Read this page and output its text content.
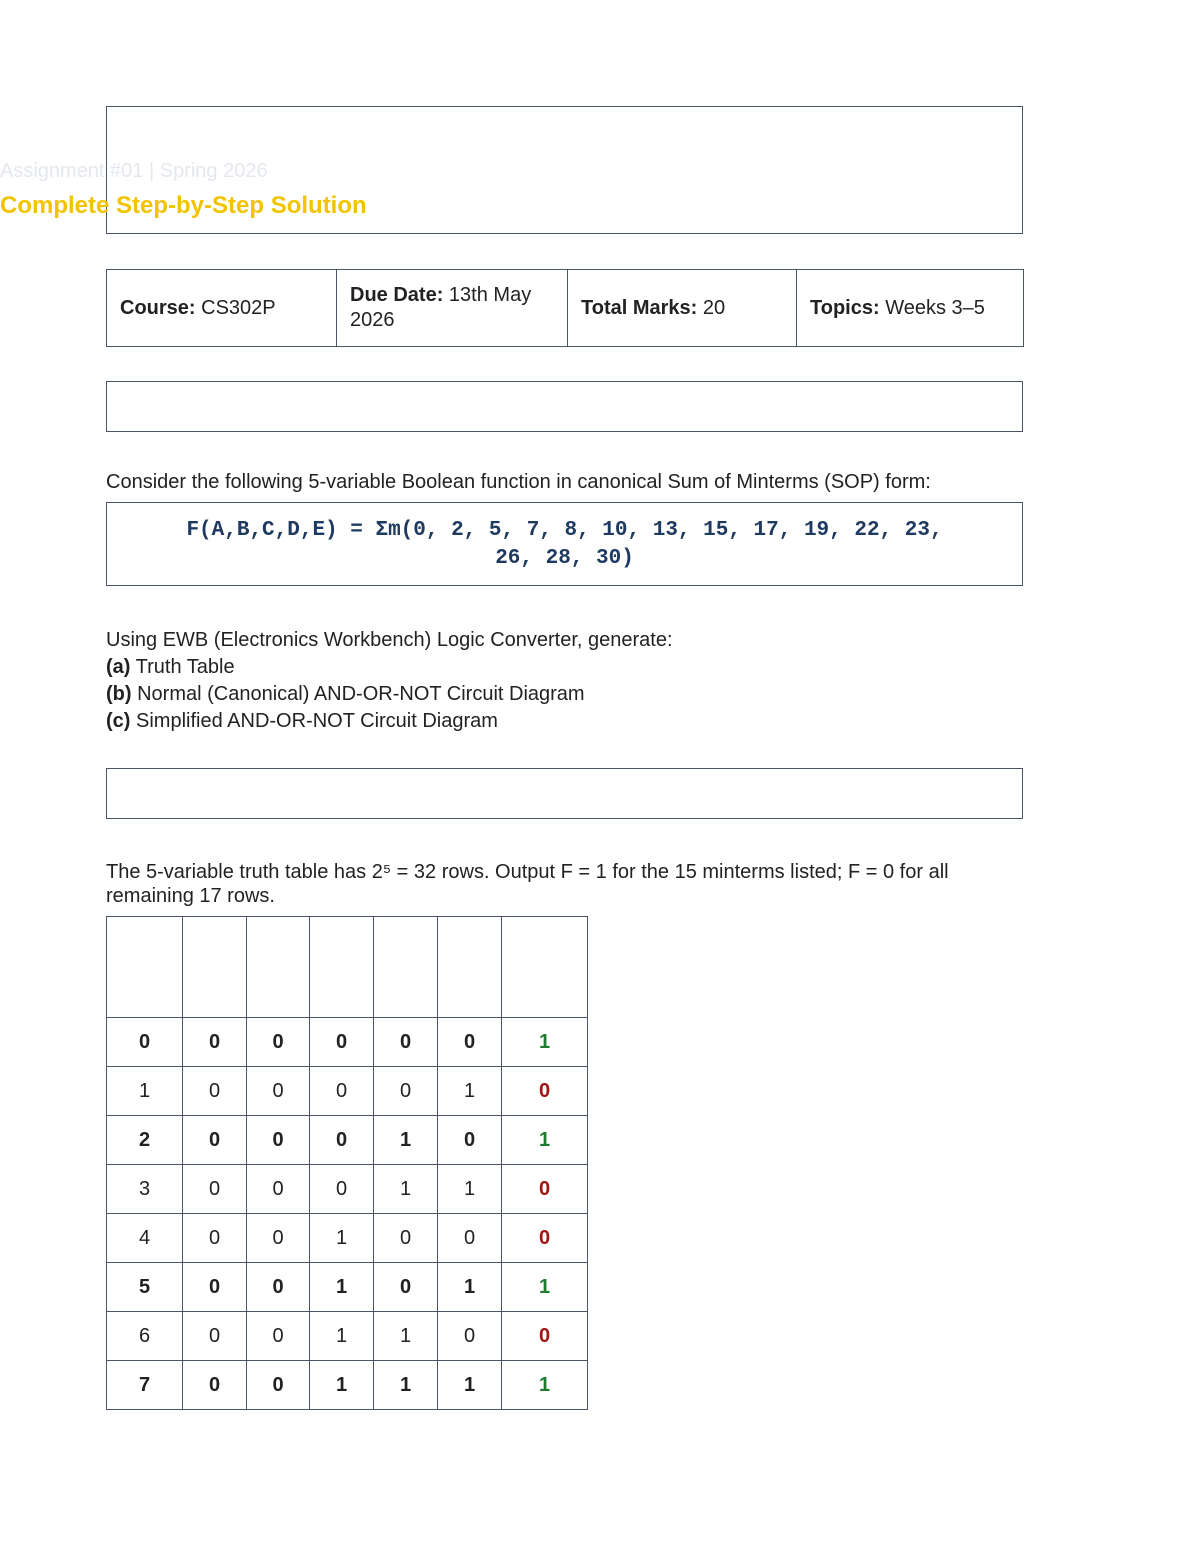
Assignment #01 | Spring 2026
Complete Step-by-Step Solution
Course: CS302P	Due Date: 13th May 2026	Total Marks: 20	Topics: Weeks 3–5
Consider the following 5-variable Boolean function in canonical Sum of Minterms (SOP) form:
F(A,B,C,D,E) = Σm(0, 2, 5, 7, 8, 10, 13, 15, 17, 19, 22, 23,
26, 28, 30)
Using EWB (Electronics Workbench) Logic Converter, generate:
(a) Truth Table
(b) Normal (Canonical) AND-OR-NOT Circuit Diagram
(c) Simplified AND-OR-NOT Circuit Diagram
The 5-variable truth table has 2⁵ = 32 rows. Output F = 1 for the 15 minterms listed; F = 0 for all remaining 17 rows.

0	0	0	0	0	0	1
1	0	0	0	0	1	0
2	0	0	0	1	0	1
3	0	0	0	1	1	0
4	0	0	1	0	0	0
5	0	0	1	0	1	1
6	0	0	1	1	0	0
7	0	0	1	1	1	1
